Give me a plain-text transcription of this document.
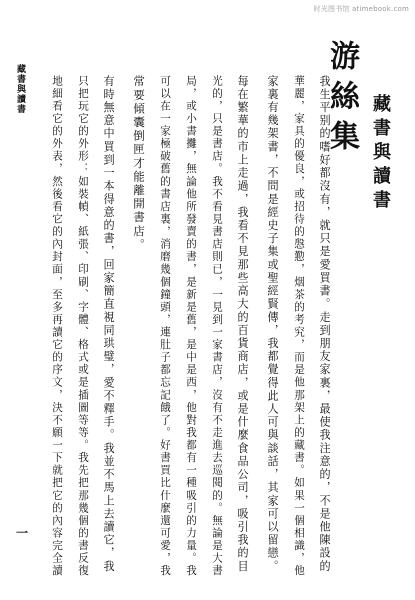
时光图书馆 atimebook.com
游絲集 藏書與讀書
我生平别的嗜好都沒有，就只是愛買書。走到朋友家裏，最使我注意的，不是他陳設的
華麗，家具的優良，或招待的慇懃，烟茶的考究，而是他那架上的藏書。如果一個相識，他
家裏有幾架書，不問是經史子集或聖經賢傳，我都覺得此人可與談話，其家可以留戀。
每在繁華的市上走過，我看不見那些高大的百貨商店，或是什麼食品公司，吸引我的目
光的，只是書店。我不看見書店則已，一見到一家書店，沒有不走進去巡閱的。無論是大書
局，或小書攤，無論他所發賣的書，是新是舊，是中是西，他對我都有一種吸引的力量。我
可以在一家極破舊的書店裏，消磨幾個鐘頭，連肚子都忘記餓了。好書買比什麼還可愛，我
常要傾囊倒匣才能離開書店。
有時無意中買到一本得意的書，回家簡直視同珙璧，愛不釋手。我並不馬上去讀它，我
只把玩它的外形：如裝幀、紙張、印刷、字體、格式或是插圖等等。我先把那幾個的書反復
地細看它的外表，然後看它的內封面，至多再讀它的序文，決不願一下就把它的內容完全讀
藏書與讀書
一
